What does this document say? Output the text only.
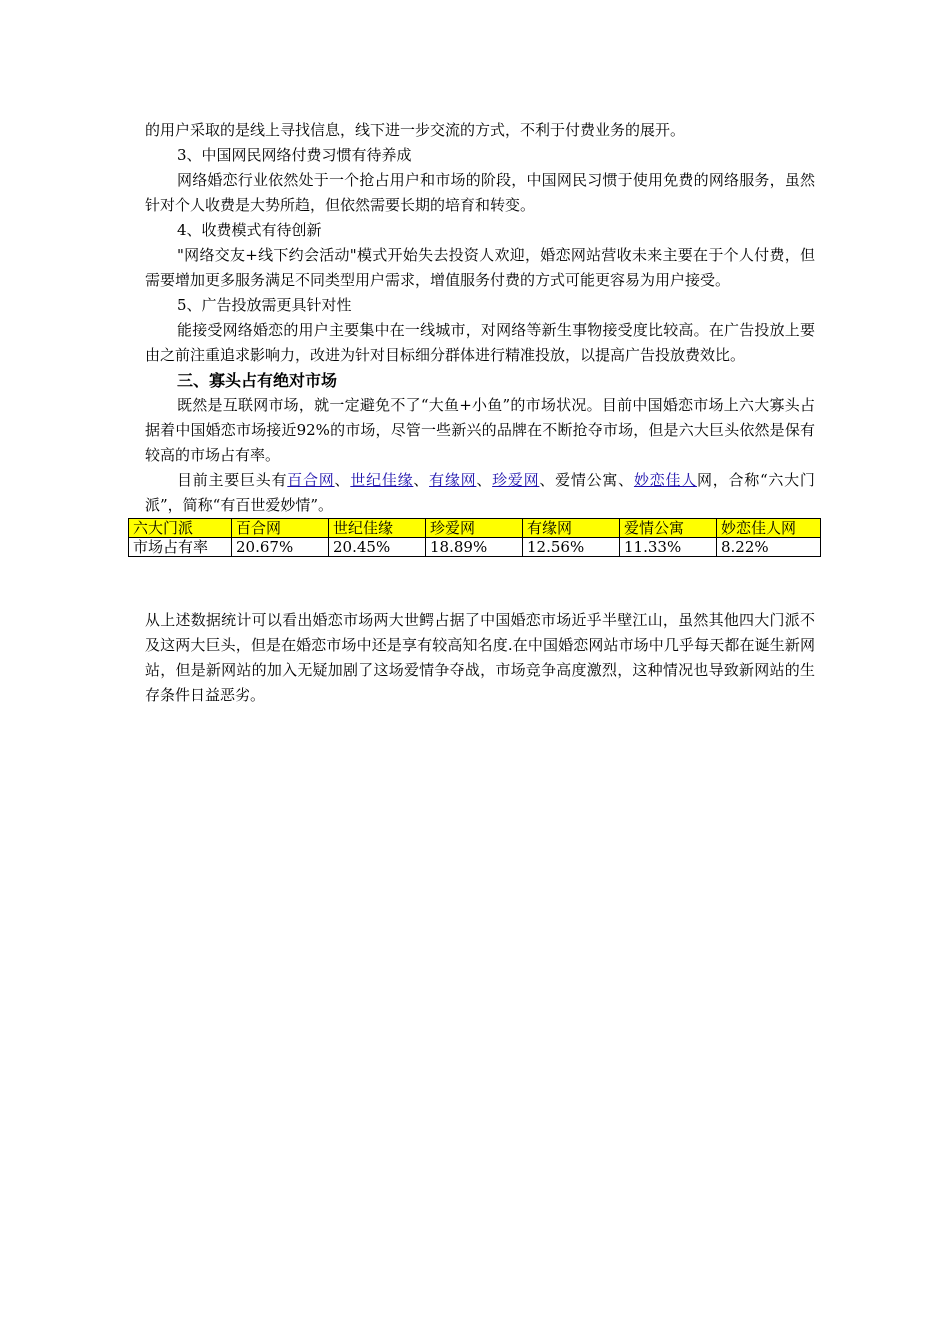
的用户采取的是线上寻找信息，线下进一步交流的方式，不利于付费业务的展开。

3、中国网民网络付费习惯有待养成

网络婚恋行业依然处于一个抢占用户和市场的阶段，中国网民习惯于使用免费的网络服务，虽然针对个人收费是大势所趋，但依然需要长期的培育和转变。

4、收费模式有待创新

"网络交友+线下约会活动"模式开始失去投资人欢迎，婚恋网站营收未来主要在于个人付费，但需要增加更多服务满足不同类型用户需求，增值服务付费的方式可能更容易为用户接受。

5、广告投放需更具针对性

能接受网络婚恋的用户主要集中在一线城市，对网络等新生事物接受度比较高。在广告投放上要由之前注重追求影响力，改进为针对目标细分群体进行精准投放，以提高广告投放费效比。

三、寡头占有绝对市场

既然是互联网市场，就一定避免不了“大鱼+小鱼”的市场状况。目前中国婚恋市场上六大寡头占据着中国婚恋市场接近92%的市场，尽管一些新兴的品牌在不断抢夺市场，但是六大巨头依然是保有较高的市场占有率。

目前主要巨头有百合网、世纪佳缘、有缘网、珍爱网、爱情公寓、妙恋佳人网，合称“六大门派”，简称“有百世爱妙情”。

六大门派	百合网	世纪佳缘	珍爱网	有缘网	爱情公寓	妙恋佳人网
市场占有率	20.67%	20.45%	18.89%	12.56%	11.33%	8.22%

从上述数据统计可以看出婚恋市场两大世鳄占据了中国婚恋市场近乎半壁江山，虽然其他四大门派不及这两大巨头，但是在婚恋市场中还是享有较高知名度.在中国婚恋网站市场中几乎每天都在诞生新网站，但是新网站的加入无疑加剧了这场爱情争夺战，市场竞争高度激烈，这种情况也导致新网站的生存条件日益恶劣。
